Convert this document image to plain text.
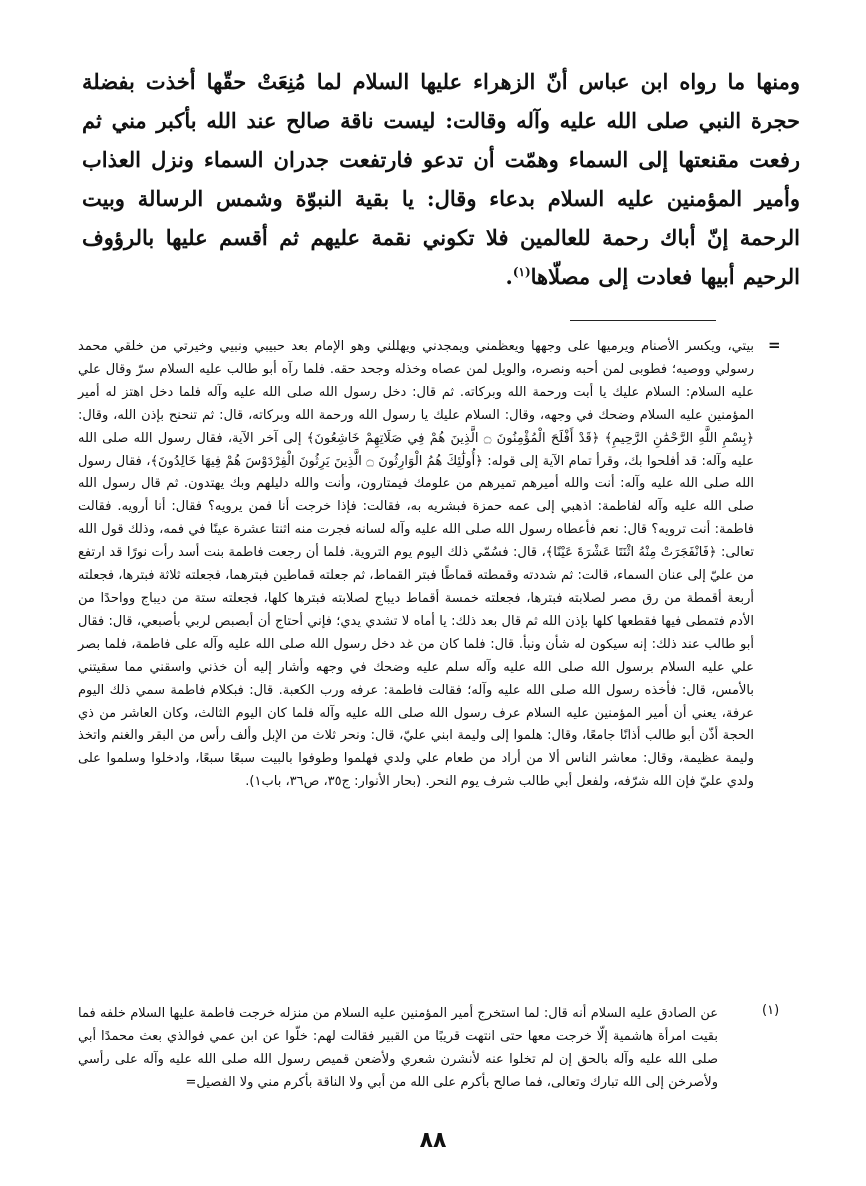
ومنها ما رواه ابن عباس أنّ الزهراء عليها السلام لما مُنِعَتْ حقّها أخذت بفضلة حجرة النبي صلى الله عليه وآله وقالت: ليست ناقة صالح عند الله بأكبر مني ثم رفعت مقنعتها إلى السماء وهمّت أن تدعو فارتفعت جدران السماء ونزل العذاب وأمير المؤمنين عليه السلام بدعاء وقال: يا بقية النبوّة وشمس الرسالة وبيت الرحمة إنّ أباك رحمة للعالمين فلا تكوني نقمة عليهم ثم أقسم عليها بالرؤوف الرحيم أبيها فعادت إلى مصلّاها$^{(١)}$.
=
بيتي، ويكسر الأصنام ويرميها على وجهها ويعظمني ويمجدني ويهللني وهو الإمام بعد حبيبي ونبيي وخيرتي من خلقي محمد رسولي ووصيه؛ فطوبى لمن أحبه ونصره، والويل لمن عصاه وخذله وجحد حقه. فلما رآه أبو طالب عليه السلام سرّ وقال علي عليه السلام: السلام عليك يا أبت ورحمة الله وبركاته. ثم قال: دخل رسول الله صلى الله عليه وآله فلما دخل اهتز له أمير المؤمنين عليه السلام وضحك في وجهه، وقال: السلام عليك يا رسول الله ورحمة الله وبركاته، قال: ثم تنحنح بإذن الله، وقال: ﴿بِسْمِ اللَّهِ الرَّحْمَٰنِ الرَّحِيمِ﴾ ﴿قَدْ أَفْلَحَ الْمُؤْمِنُونَ ۝ الَّذِينَ هُمْ فِي صَلَاتِهِمْ خَاشِعُونَ﴾ إلى آخر الآية، فقال رسول الله صلى الله عليه وآله: قد أفلحوا بك، وقرأ تمام الآية إلى قوله: ﴿أُولَٰئِكَ هُمُ الْوَارِثُونَ ۝ الَّذِينَ يَرِثُونَ الْفِرْدَوْسَ هُمْ فِيهَا خَالِدُونَ﴾، فقال رسول الله صلى الله عليه وآله: أنت والله أميرهم تميرهم من علومك فيمتارون، وأنت والله دليلهم وبك يهتدون. ثم قال رسول الله صلى الله عليه وآله لفاطمة: اذهبي إلى عمه حمزة فبشريه به، فقالت: فإذا خرجت أنا فمن يرويه؟ فقال: أنا أرويه. فقالت فاطمة: أنت ترويه؟ قال: نعم فأعطاه رسول الله صلى الله عليه وآله لسانه فجرت منه اثنتا عشرة عينًا في فمه، وذلك قول الله تعالى: ﴿فَانْفَجَرَتْ مِنْهُ اثْنَتَا عَشْرَةَ عَيْنًا﴾، قال: فسُمّي ذلك اليوم يوم التروية. فلما أن رجعت فاطمة بنت أسد رأت نورًا قد ارتفع من عليّ إلى عنان السماء، قالت: ثم شددته وقمطته قماطًا فبتر القماط، ثم جعلته قماطين فبترهما، فجعلته ثلاثة فبترها، فجعلته أربعة أقمطة من رق مصر لصلابته فبترها، فجعلته خمسة أقماط ديباج لصلابته فبترها كلها، فجعلته ستة من ديباج وواحدًا من الأدم فتمطى فيها فقطعها كلها بإذن الله ثم قال بعد ذلك: يا أماه لا تشدي يدي؛ فإني أحتاج أن أبصبص لربي بأصبعي، قال: فقال أبو طالب عند ذلك: إنه سيكون له شأن ونبأ. قال: فلما كان من غد دخل رسول الله صلى الله عليه وآله على فاطمة، فلما بصر علي عليه السلام برسول الله صلى الله عليه وآله سلم عليه وضحك في وجهه وأشار إليه أن خذني واسقني مما سقيتني بالأمس، قال: فأخذه رسول الله صلى الله عليه وآله؛ فقالت فاطمة: عرفه ورب الكعبة. قال: فبكلام فاطمة سمي ذلك اليوم عرفة، يعني أن أمير المؤمنين عليه السلام عرف رسول الله صلى الله عليه وآله فلما كان اليوم الثالث، وكان العاشر من ذي الحجة أذّن أبو طالب أذانًا جامعًا، وقال: هلموا إلى وليمة ابني عليّ، قال: ونحر ثلاث من الإبل وألف رأس من البقر والغنم واتخذ وليمة عظيمة، وقال: معاشر الناس ألا من أراد من طعام علي ولدي فهلموا وطوفوا بالبيت سبعًا سبعًا، وادخلوا وسلموا على ولدي عليّ فإن الله شرّفه، ولفعل أبي طالب شرف يوم النحر. (بحار الأنوار: ج٣٥، ص٣٦، باب١).
(١)
عن الصادق عليه السلام أنه قال: لما استخرج أمير المؤمنين عليه السلام من منزله خرجت فاطمة عليها السلام خلفه فما بقيت امرأة هاشمية إلّا خرجت معها حتى انتهت قريبًا من القبير فقالت لهم: خلّوا عن ابن عمي فوالذي بعث محمدًا أبي صلى الله عليه وآله بالحق إن لم تخلوا عنه لأنشرن شعري ولأضعن قميص رسول الله صلى الله عليه وآله على رأسي ولأصرخن إلى الله تبارك وتعالى، فما صالح بأكرم على الله من أبي ولا الناقة بأكرم مني ولا الفصيل=
٨٨
